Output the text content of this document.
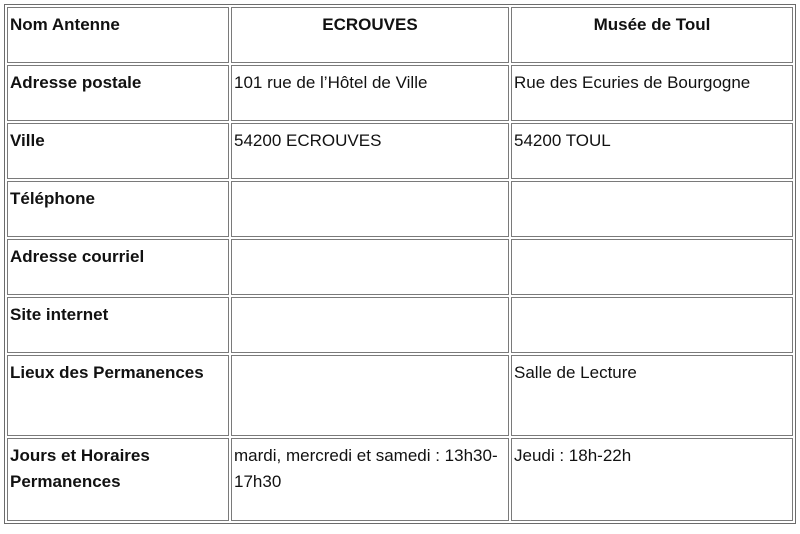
Nom Antenne	ECROUVES	Musée de Toul
Adresse postale	101 rue de l’Hôtel de Ville	Rue des Ecuries de Bourgogne
Ville	54200 ECROUVES	54200 TOUL
Téléphone		
Adresse courriel		
Site internet		
Lieux des Permanences		Salle de Lecture
Jours et Horaires Permanences	mardi, mercredi et samedi : 13h30-17h30	Jeudi : 18h-22h
